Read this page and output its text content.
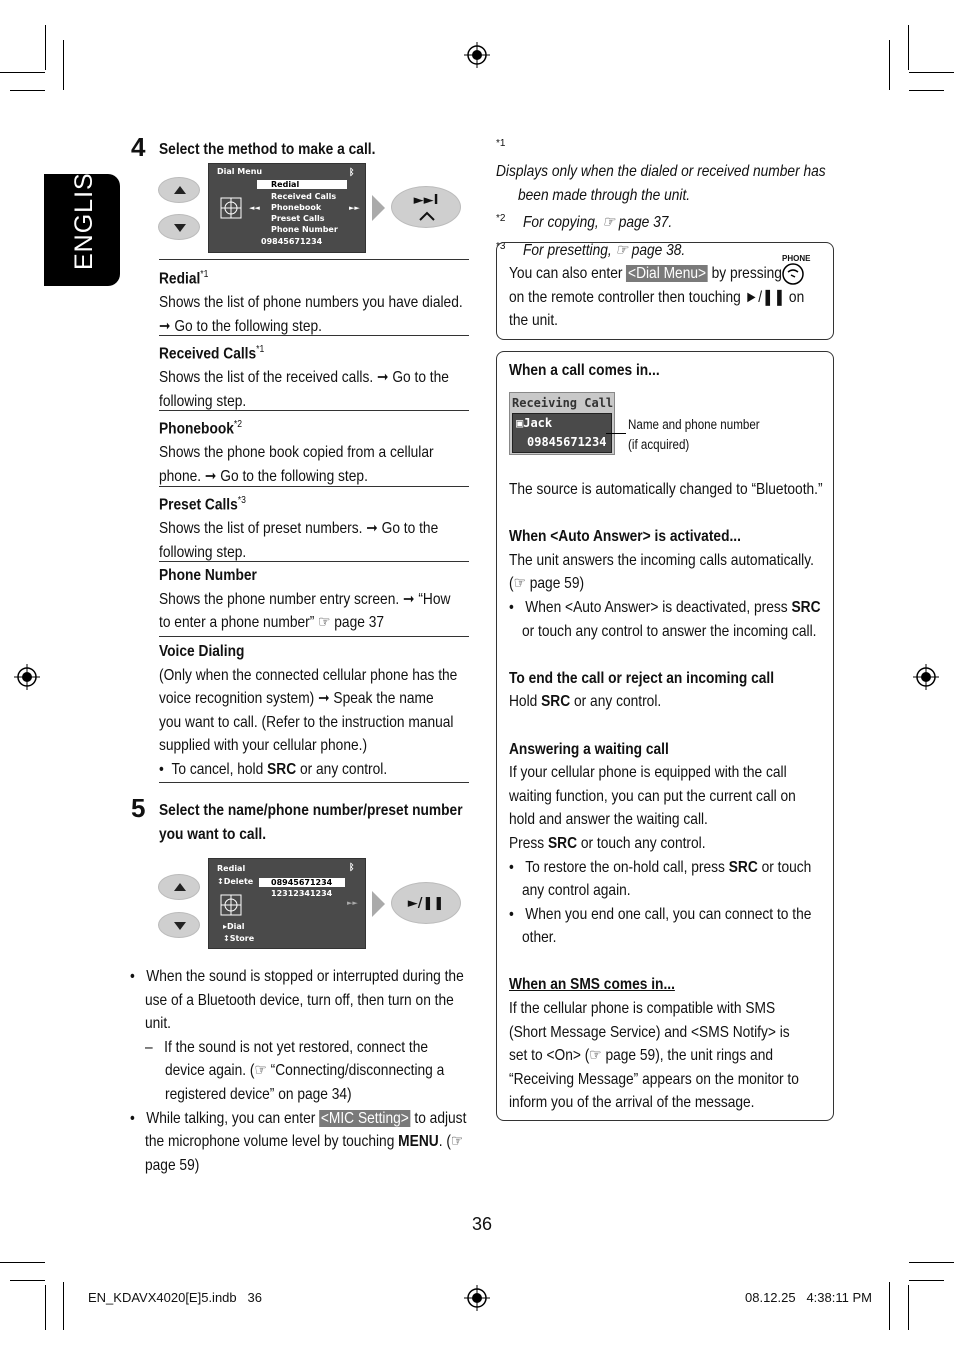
ENGLISH
4 Select the method to make a call.
Dial Menu
Redial
Received Calls
Phonebook
Preset Calls
Phone Number
09845671234
ᛒ
►►
◄◄	►►I
Redial$^{*1}$
Shows the list of phone numbers you have dialed.
➞ Go to the following step.
Received Calls$^{*1}$
Shows the list of the received calls. ➞ Go to the
following step.
Phonebook$^{*2}$
Shows the phone book copied from a cellular
phone. ➞ Go to the following step.
Preset Calls$^{*3}$
Shows the list of preset numbers. ➞ Go to the
following step.
Phone Number
Shows the phone number entry screen. ➞ “How
to enter a phone number” ☞ page 37
Voice Dialing
(Only when the connected cellular phone has the
voice recognition system) ➞ Speak the name
you want to call. (Refer to the instruction manual
supplied with your cellular phone.)
•  To cancel, hold SRC or any control.
5 Select the name/phone number/preset number
you want to call.
Redial
↕Delete	08945671234
12312341234
▸Dial
↕Store
ᛒ
►►	►/❚❚
•   When the sound is stopped or interrupted during the
use of a Bluetooth device, turn off, then turn on the
unit.
–   If the sound is not yet restored, connect the
device again. (☞ “Connecting/disconnecting a
registered device” on page 34)
•   While talking, you can enter <MIC Setting> to adjust
the microphone volume level by touching MENU. (☞
page 59)
$^{*1}$    Displays only when the dialed or received number has
been made through the unit.
$^{*2}$ For copying, ☞ page 37.
$^{*3}$ For presetting, ☞ page 38.	PHONE
You can also enter <Dial Menu> by pressing
on the remote controller then touching ►/❚❚ on
the unit.
When a call comes in...
Receiving Call
▣Jack
09845671234
Name and phone number
(if acquired)
The source is automatically changed to “Bluetooth.”
When <Auto Answer> is activated...
The unit answers the incoming calls automatically.
(☞ page 59)
•   When <Auto Answer> is deactivated, press SRC
or touch any control to answer the incoming call.
To end the call or reject an incoming call
Hold SRC or any control.
Answering a waiting call
If your cellular phone is equipped with the call
waiting function, you can put the current call on
hold and answer the waiting call.
Press SRC or touch any control.
•   To restore the on-hold call, press SRC or touch
any control again.
•   When you end one call, you can connect to the
other.
When an SMS comes in...
If the cellular phone is compatible with SMS
(Short Message Service) and <SMS Notify> is
set to <On> (☞ page 59), the unit rings and
“Receiving Message” appears on the monitor to
inform you of the arrival of the message.
36
EN_KDAVX4020[E]5.indb   36	08.12.25   4:38:11 PM
